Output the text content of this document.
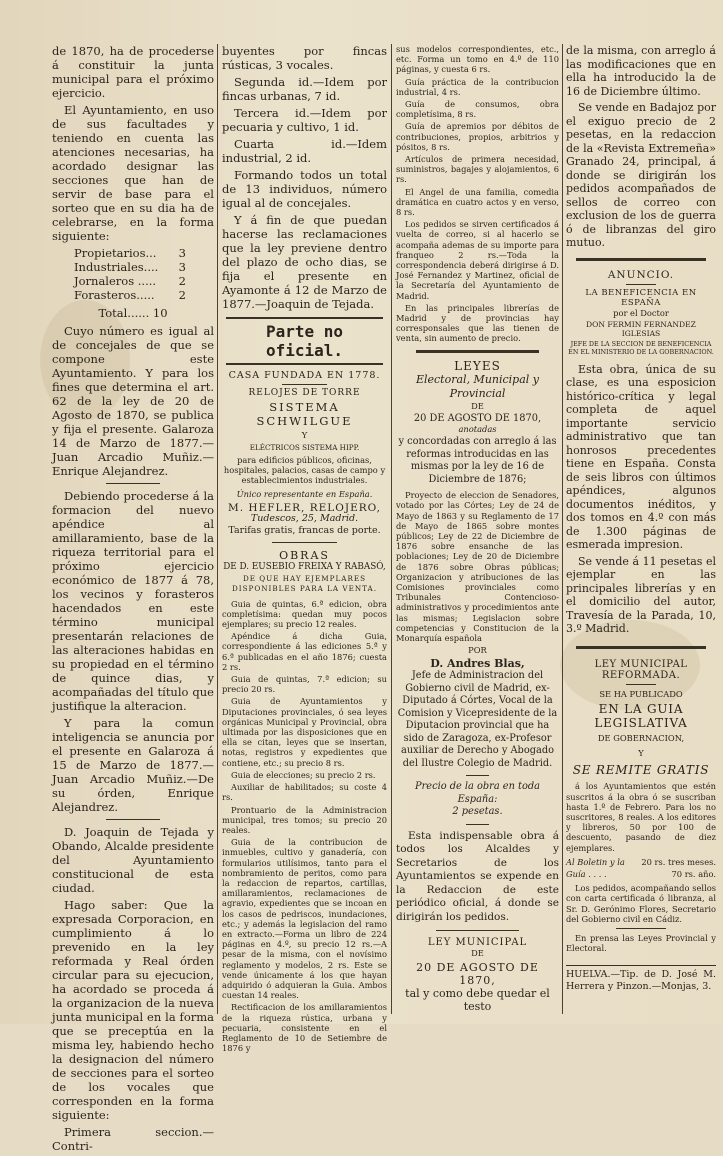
de 1870, ha de procederse á constituir la junta municipal para el próximo ejercicio.

El Ayuntamiento, en uso de sus facultades y teniendo en cuenta las atenciones necesarias, ha acordado designar las secciones que han de servir de base para el sorteo que en su dia ha de celebrarse, en la forma siguiente:

Propietarios... 3
Industriales.... 3
Jornaleros ..... 2
Forasteros..... 2
Total...... 10

Cuyo número es igual al de concejales de que se compone este Ayuntamiento. Y para los fines que determina el art. 62 de la ley de 20 de Agosto de 1870, se publica y fija el presente. Galaroza 14 de Marzo de 1877.—Juan Arcadio Muñiz.—Enrique Alejandrez.

Debiendo procederse á la formacion del nuevo apéndice al amillaramiento, base de la riqueza territorial para el próximo ejercicio económico de 1877 á 78, los vecinos y forasteros hacendados en este término municipal presentarán relaciones de las alteraciones habidas en su propiedad en el término de quince dias, y acompañadas del título que justifique la alteracion.

Y para la comun inteligencia se anuncia por el presente en Galaroza á 15 de Marzo de 1877.—Juan Arcadio Muñiz.—De su órden, Enrique Alejandrez.

D. Joaquin de Tejada y Obando, Alcalde presidente del Ayuntamiento constitucional de esta ciudad.

Hago saber: Que la expresada Corporacion, en cumplimiento á lo prevenido en la ley reformada y Real órden circular para su ejecucion, ha acordado se proceda á la organizacion de la nueva junta municipal en la forma que se preceptúa en la misma ley, habiendo hecho la designacion del número de secciones para el sorteo de los vocales que corresponden en la forma siguiente:

Primera seccion.—Contri-

buyentes por fincas rústicas, 3 vocales.

Segunda id.—Idem por fincas urbanas, 7 id.

Tercera id.—Idem por pecuaria y cultivo, 1 id.

Cuarta id.—Idem industrial, 2 id.

Formando todos un total de 13 individuos, número igual al de concejales.

Y á fin de que puedan hacerse las reclamaciones que la ley previene dentro del plazo de ocho dias, se fija el presente en Ayamonte á 12 de Marzo de 1877.—Joaquin de Tejada.

Parte no oficial.
CASA FUNDADA EN 1778.
RELOJES DE TORRE
SISTEMA SCHWILGUE
Y
ELÉCTRICOS SISTEMA HIPP.
para edificios públicos, oficinas, hospitales, palacios, casas de campo y establecimientos industriales.
Único representante en España.
M. HEFLER, RELOJERO,
Tudescos, 25, Madrid.
Tarifas gratis, francas de porte.
OBRAS
DE D. EUSEBIO FREIXA Y RABASÓ,
DE QUE HAY EJEMPLARES DISPONIBLES PARA LA VENTA.

Guia de quintas, 6.ª edicion, obra completísima: quedan muy pocos ejemplares; su precio 12 reales.

Apéndice á dicha Guia, correspondiente á las ediciones 5.ª y 6.ª publicadas en el año 1876; cuesta 2 rs.

Guia de quintas, 7.ª edicion; su precio 20 rs.

Guia de Ayuntamientos y Diputaciones provinciales, ó sea leyes orgánicas Municipal y Provincial, obra ultimada por las disposiciones que en ella se citan, leyes que se insertan, notas, registros y expedientes que contiene, etc.; su precio 8 rs.

Guia de elecciones; su precio 2 rs.

Auxiliar de habilitados; su coste 4 rs.

Prontuario de la Administracion municipal, tres tomos; su precio 20 reales.

Guia de la contribucion de inmuebles, cultivo y ganadería, con formularios utilísimos, tanto para el nombramiento de peritos, como para la redaccion de repartos, cartillas, amillaramientos, reclamaciones de agravio, expedientes que se incoan en los casos de pedriscos, inundaciones, etc.; y además la legislacion del ramo en extracto.—Forma un libro de 224 páginas en 4.º, su precio 12 rs.—A pesar de la misma, con el novísimo reglamento y modelos, 2 rs. Este se vende únicamente á los que hayan adquirido ó adquieran la Guia. Ambos cuestan 14 reales.

Rectificacion de los amillaramientos de la riqueza rústica, urbana y pecuaria, consistente en el Reglamento de 10 de Setiembre de 1876 y

sus modelos correspondientes, etc., etc. Forma un tomo en 4.º de 110 páginas, y cuesta 6 rs.

Guía práctica de la contribucion industrial, 4 rs.

Guía de consumos, obra completísima, 8 rs.

Guía de apremios por débitos de contribuciones, propios, arbitrios y pósitos, 8 rs.

Artículos de primera necesidad, suministros, bagajes y alojamientos, 6 rs.

El Angel de una familia, comedia dramática en cuatro actos y en verso, 8 rs.

Los pedidos se sirven certificados á vuelta de correo, si al hacerlo se acompaña ademas de su importe para franqueo 2 rs.—Toda la correspondencia deberá dirigirse á D. José Fernandez y Martinez, oficial de la Secretaría del Ayuntamiento de Madrid.

En las principales librerías de Madrid y de provincias hay corresponsales que las tienen de venta, sin aumento de precio.

LEYES
Electoral, Municipal y Provincial
DE
20 DE AGOSTO DE 1870,
anotadas
y concordadas con arreglo á las reformas introducidas en las mismas por la ley de 16 de Diciembre de 1876;

Proyecto de eleccion de Senadores, votado por las Córtes; Ley de 24 de Mayo de 1863 y su Reglamento de 17 de Mayo de 1865 sobre montes públicos; Ley de 22 de Diciembre de 1876 sobre ensanche de las poblaciones; Ley de 20 de Diciembre de 1876 sobre Obras públicas; Organizacion y atribuciones de las Comisiones provinciales como Tribunales Contencioso-administrativos y procedimientos ante las mismas; Legislacion sobre competencias y Constitucion de la Monarquía española

POR
D. Andres Blas,
Jefe de Administracion del Gobierno civil de Madrid, ex-Diputado á Córtes, Vocal de la Comision y Vicepresidente de la Diputacion provincial que ha sido de Zaragoza, ex-Profesor auxiliar de Derecho y Abogado del Ilustre Colegio de Madrid.
Precio de la obra en toda España:
2 pesetas.

Esta indispensable obra á todos los Alcaldes y Secretarios de los Ayuntamientos se expende en la Redaccion de este periódico oficial, á donde se dirigirán los pedidos.

LEY MUNICIPAL
DE
20 DE AGOSTO DE 1870,
tal y como debe quedar el testo

de la misma, con arreglo á las modificaciones que en ella ha introducido la de 16 de Diciembre último.

Se vende en Badajoz por el exiguo precio de 2 pesetas, en la redaccion de la «Revista Extremeña» Granado 24, principal, á donde se dirigirán los pedidos acompañados de sellos de correo con exclusion de los de guerra ó de libranzas del giro mutuo.

ANUNCIO.
LA BENEFICENCIA EN ESPAÑA
por el Doctor
DON FERMIN FERNANDEZ IGLESIAS
JEFE DE LA SECCION DE BENEFICENCIA EN EL MINISTERIO DE LA GOBERNACION.

Esta obra, única de su clase, es una esposicion histórico-crítica y legal completa de aquel importante servicio administrativo que tan honrosos precedentes tiene en España. Consta de seis libros con últimos apéndices, algunos documentos inéditos, y dos tomos en 4.º con más de 1.300 páginas de esmerada impresion.

Se vende á 11 pesetas el ejemplar en las principales librerías y en el domicilio del autor, Travesía de la Parada, 10, 3.º Madrid.

LEY MUNICIPAL REFORMADA.
SE HA PUBLICADO
EN LA GUIA LEGISLATIVA
DE GOBERNACION,
Y
SE REMITE GRATIS

á los Ayuntamientos que estén suscritos á la obra ó se suscriban hasta 1.º de Febrero. Para los no suscritores, 8 reales. A los editores y libreros, 50 por 100 de descuento, pasando de diez ejemplares.

Al Boletin y la 20 rs. tres meses.
Guía . . . .	70 rs. año.

Los pedidos, acompañando sellos con carta certificada ó libranza, al Sr. D. Gerónimo Flores, Secretario del Gobierno civil en Cádiz.

En prensa las Leyes Provincial y Electoral.

HUELVA.—Tip. de D. José M. Herrera y Pinzon.—Monjas, 3.
